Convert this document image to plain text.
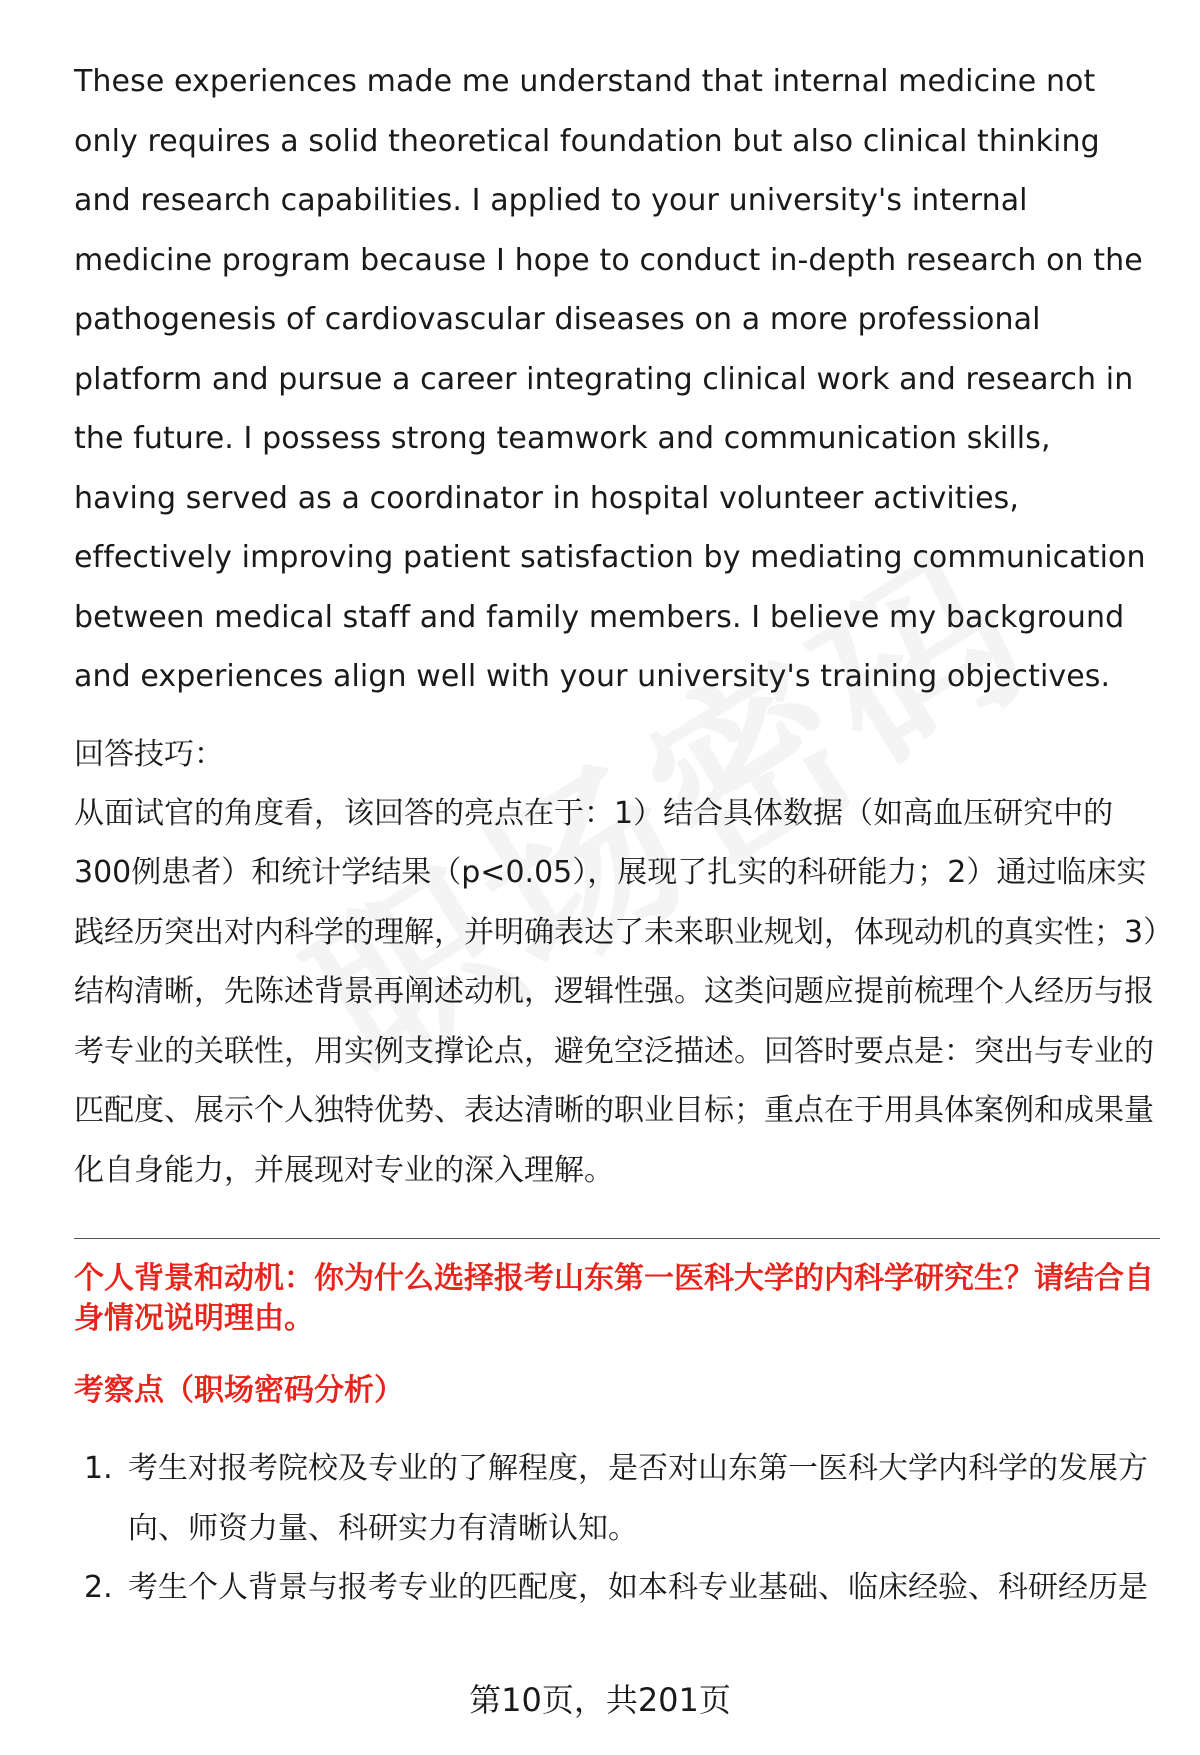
These experiences made me understand that internal medicine not only requires a solid theoretical foundation but also clinical thinking and research capabilities. I applied to your university's internal medicine program because I hope to conduct in-depth research on the pathogenesis of cardiovascular diseases on a more professional platform and pursue a career integrating clinical work and research in the future. I possess strong teamwork and communication skills, having served as a coordinator in hospital volunteer activities, effectively improving patient satisfaction by mediating communication between medical staff and family members. I believe my background and experiences align well with your university's training objectives.

回答技巧：

从面试官的角度看，该回答的亮点在于：1）结合具体数据（如高血压研究中的300例患者）和统计学结果（p<0.05），展现了扎实的科研能力；2）通过临床实践经历突出对内科学的理解，并明确表达了未来职业规划，体现动机的真实性；3）结构清晰，先陈述背景再阐述动机，逻辑性强。这类问题应提前梳理个人经历与报考专业的关联性，用实例支撑论点，避免空泛描述。回答时要点是：突出与专业的匹配度、展示个人独特优势、表达清晰的职业目标；重点在于用具体案例和成果量化自身能力，并展现对专业的深入理解。

个人背景和动机：你为什么选择报考山东第一医科大学的内科学研究生？请结合自身情况说明理由。

考察点（职场密码分析）

1. 考生对报考院校及专业的了解程度，是否对山东第一医科大学内科学的发展方向、师资力量、科研实力有清晰认知。
2. 考生个人背景与报考专业的匹配度，如本科专业基础、临床经验、科研经历是
第10页，共201页
